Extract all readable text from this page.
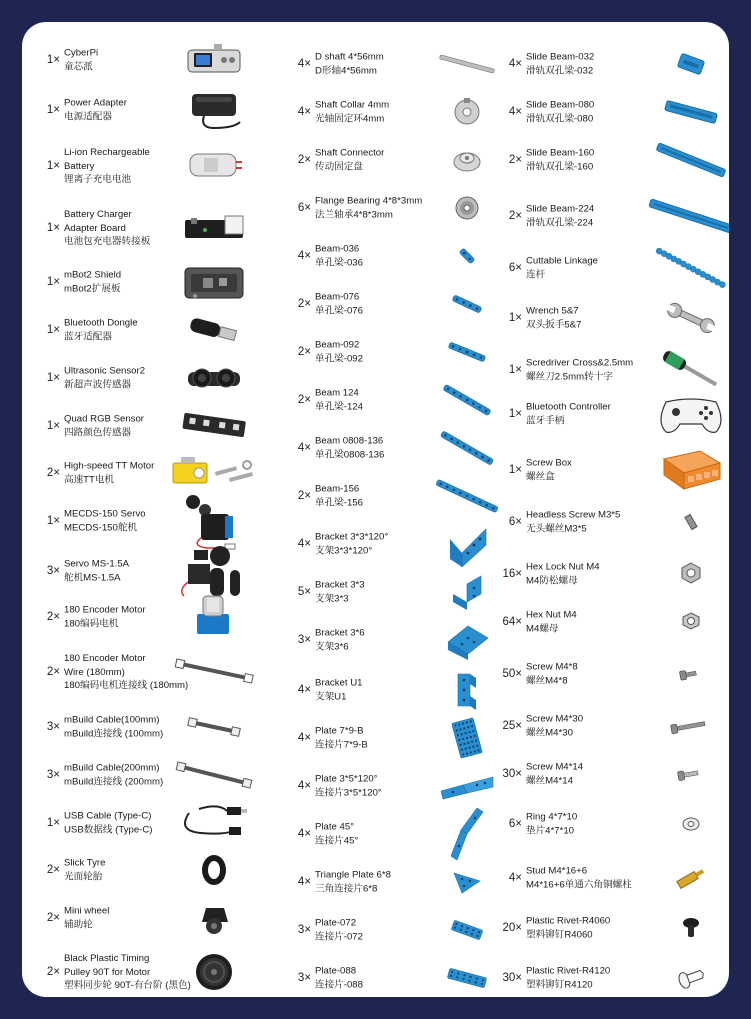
1×
CyberPi
童芯派
1×
Power Adapter
电源适配器
1×
Li-ion Rechargeable
Battery
锂离子充电电池
1×
Battery Charger
Adapter Board
电池包充电器转接板
1×
mBot2 Shield
mBot2扩展板
1×
Bluetooth Dongle
蓝牙适配器
1×
Ultrasonic Sensor2
新超声波传感器
1×
Quad RGB Sensor
四路颜色传感器
2×
High-speed TT Motor
高速TT电机
1×
MECDS-150 Servo
MECDS-150舵机
3×
Servo MS-1.5A
舵机MS-1.5A
2×
180 Encoder Motor
180编码电机
2×
180 Encoder Motor
Wire (180mm)
180编码电机连接线 (180mm)
3×
mBuild Cable(100mm)
mBuild连接线 (100mm)
3×
mBuild Cable(200mm)
mBuild连接线 (200mm)
1×
USB Cable (Type-C)
USB数据线 (Type-C)
2×
Slick Tyre
光面轮胎
2×
Mini wheel
辅助轮
2×
Black Plastic Timing
Pulley 90T for Motor
塑料同步轮 90T-有台阶 (黑色)
4×
D shaft 4*56mm
D形轴4*56mm
4×
Shaft Collar 4mm
光轴固定环4mm
2×
Shaft Connector
传动固定盘
6×
Flange Bearing 4*8*3mm
法兰轴承4*8*3mm
4×
Beam-036
单孔梁-036
2×
Beam-076
单孔梁-076
2×
Beam-092
单孔梁-092
2×
Beam 124
单孔梁-124
4×
Beam 0808-136
单孔梁0808-136
2×
Beam-156
单孔梁-156
4×
Bracket 3*3*120°
支架3*3*120°
5×
Bracket 3*3
支架3*3
3×
Bracket 3*6
支架3*6
4×
Bracket U1
支架U1
4×
Plate 7*9-B
连接片7*9-B
4×
Plate 3*5*120°
连接片3*5*120°
4×
Plate 45°
连接片45°
4×
Triangle Plate 6*8
三角连接片6*8
3×
Plate-072
连接片-072
3×
Plate-088
连接片-088
4×
Slide Beam-032
滑轨双孔梁-032
4×
Slide Beam-080
滑轨双孔梁-080
2×
Slide Beam-160
滑轨双孔梁-160
2×
Slide Beam-224
滑轨双孔梁-224
6×
Cuttable Linkage
连杆
1×
Wrench 5&7
双头扳手5&7
1×
Scredriver Cross&2.5mm
螺丝刀2.5mm转十字
1×
Bluetooth Controller
蓝牙手柄
1×
Screw Box
螺丝盒
6×
Headless Screw M3*5
无头螺丝M3*5
16×
Hex Lock Nut M4
M4防松螺母
64×
Hex Nut M4
M4螺母
50×
Screw M4*8
螺丝M4*8
25×
Screw M4*30
螺丝M4*30
30×
Screw M4*14
螺丝M4*14
6×
Ring 4*7*10
垫片4*7*10
4×
Stud M4*16+6
M4*16+6单通六角铜螺柱
20×
Plastic Rivet-R4060
塑料铆钉R4060
30×
Plastic Rivet-R4120
塑料铆钉R4120
